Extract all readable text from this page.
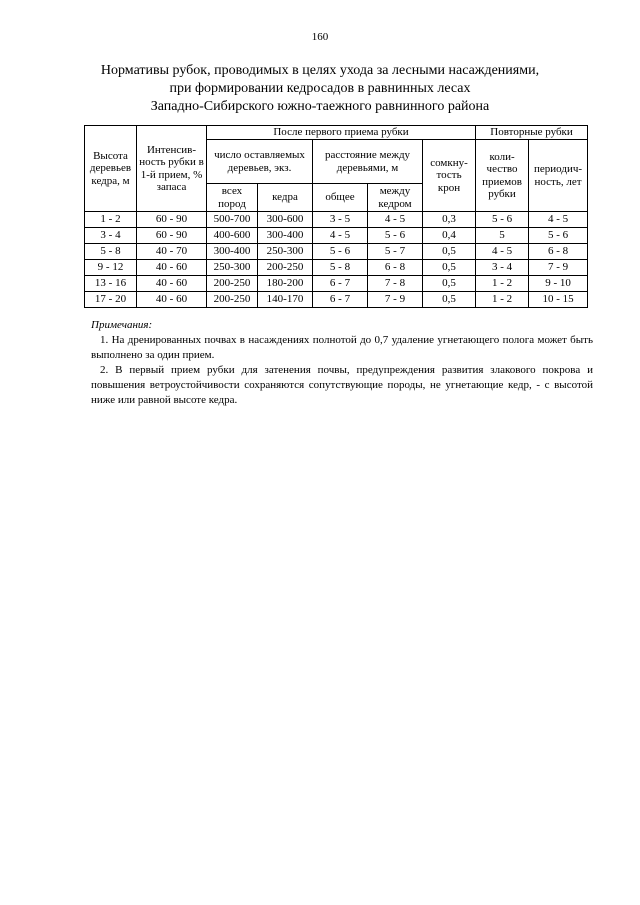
160
Нормативы рубок, проводимых в целях ухода за лесными насаждениями,
при формировании кедросадов в равнинных лесах
Западно-Сибирского южно-таежного равнинного района
Высота деревьев кедра, м	Интенсив-ность рубки в 1-й прием, % запаса	После первого приема рубки					Повторные рубки	
		число оставляемых деревьев, экз.		расстояние между деревьями, м		сомкну-тость крон	коли-чество приемов рубки	периодич-ность, лет
		всех пород	кедра	общее	между кедром			
1 - 2	60 - 90	500-700	300-600	3 - 5	4 - 5	0,3	5 - 6	4 - 5
3 - 4	60 - 90	400-600	300-400	4 - 5	5 - 6	0,4	5	5 - 6
5 - 8	40 - 70	300-400	250-300	5 - 6	5 - 7	0,5	4 - 5	6 - 8
9 - 12	40 - 60	250-300	200-250	5 - 8	6 - 8	0,5	3 - 4	7 - 9
13 - 16	40 - 60	200-250	180-200	6 - 7	7 - 8	0,5	1 - 2	9 - 10
17 - 20	40 - 60	200-250	140-170	6 - 7	7 - 9	0,5	1 - 2	10 - 15
Примечания:

1. На дренированных почвах в насаждениях полнотой до 0,7 удаление угнетающего полога может быть выполнено за один прием.

2. В первый прием рубки для затенения почвы, предупреждения развития злакового покрова и повышения ветроустойчивости сохраняются сопутствующие породы, не угнетающие кедр, - с высотой ниже или равной высоте кедра.
